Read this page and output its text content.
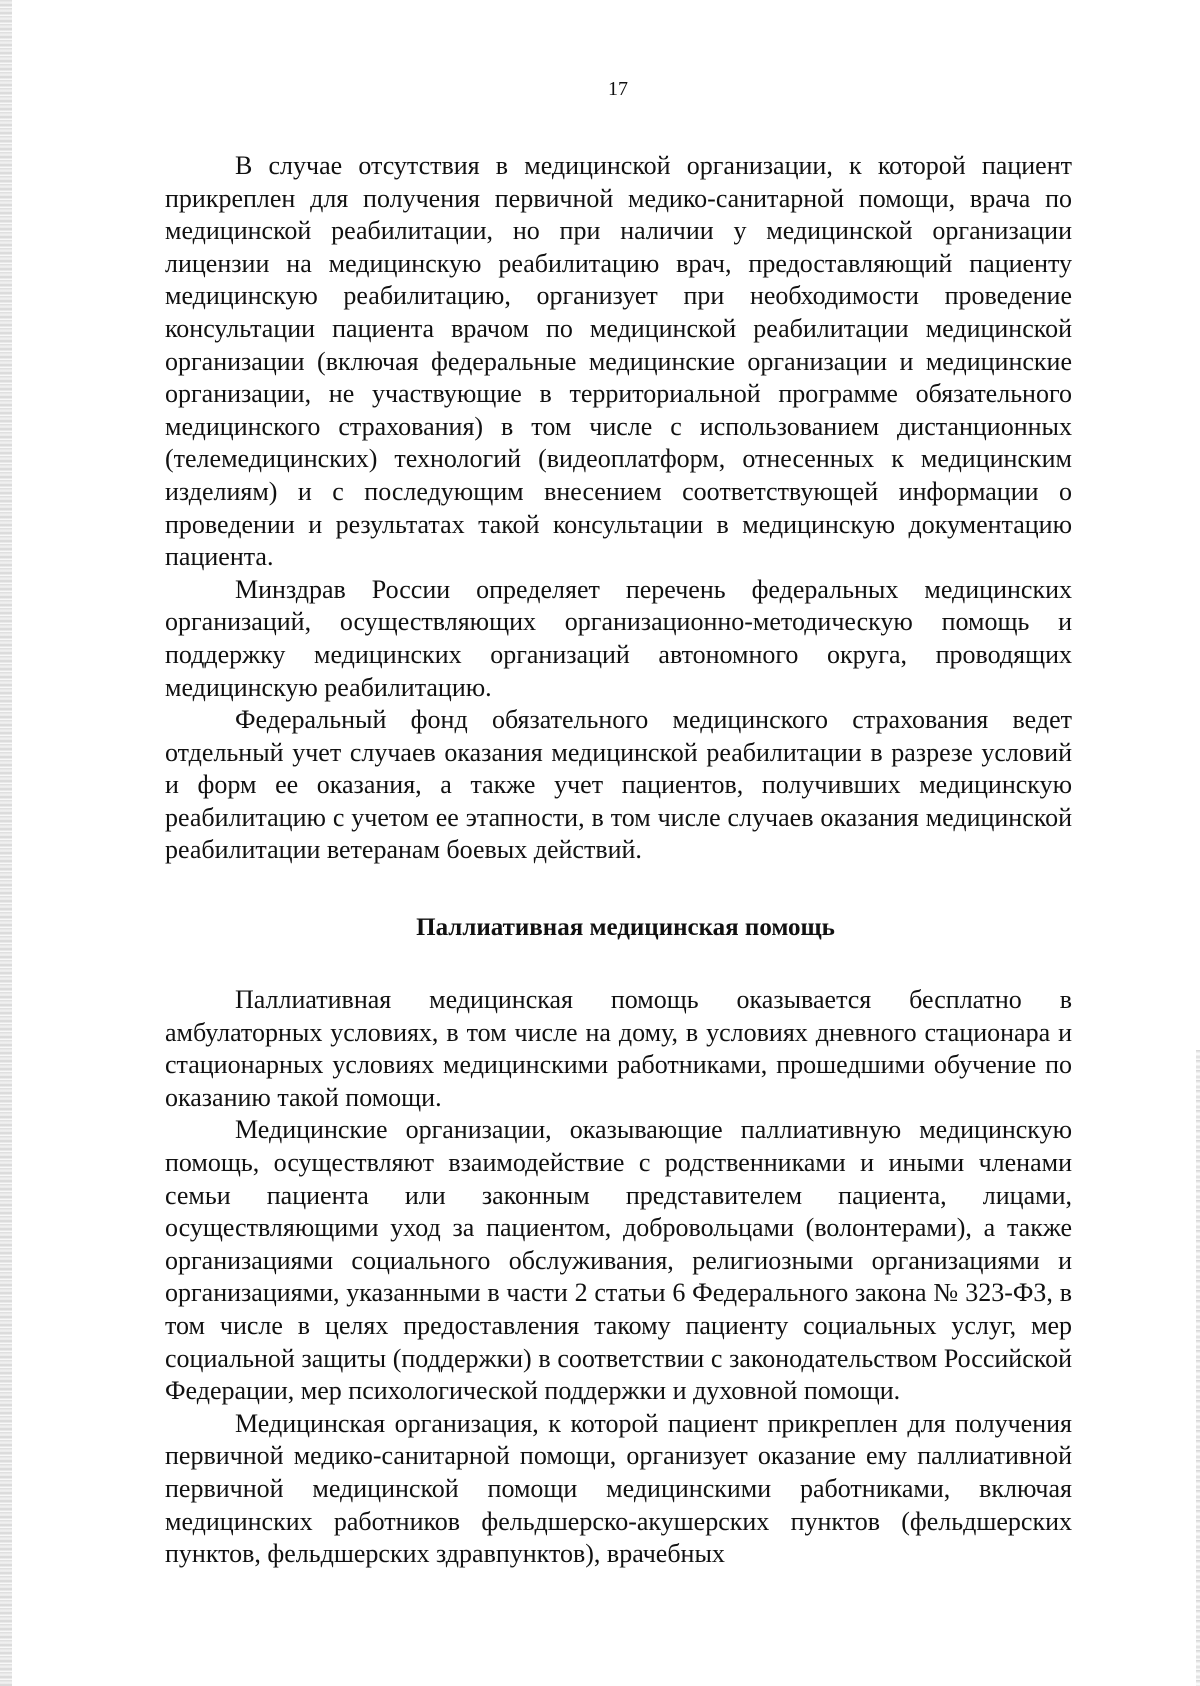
17

В случае отсутствия в медицинской организации, к которой пациент прикреплен для получения первичной медико-санитарной помощи, врача по медицинской реабилитации, но при наличии у медицинской организации лицензии на медицинскую реабилитацию врач, предоставляющий пациенту медицинскую реабилитацию, организует при необходимости проведение консультации пациента врачом по медицинской реабилитации медицинской организации (включая федеральные медицинские организации и медицинские организации, не участвующие в территориальной программе обязательного медицинского страхования) в том числе с использованием дистанционных (телемедицинских) технологий (видеоплатформ, отнесенных к медицинским изделиям) и с последующим внесением соответствующей информации о проведении и результатах такой консультации в медицинскую документацию пациента.

Минздрав России определяет перечень федеральных медицинских организаций, осуществляющих организационно-методическую помощь и поддержку медицинских организаций автономного округа, проводящих медицинскую реабилитацию.

Федеральный фонд обязательного медицинского страхования ведет отдельный учет случаев оказания медицинской реабилитации в разрезе условий и форм ее оказания, а также учет пациентов, получивших медицинскую реабилитацию с учетом ее этапности, в том числе случаев оказания медицинской реабилитации ветеранам боевых действий.

Паллиативная медицинская помощь

Паллиативная медицинская помощь оказывается бесплатно в амбулаторных условиях, в том числе на дому, в условиях дневного стационара и стационарных условиях медицинскими работниками, прошедшими обучение по оказанию такой помощи.

Медицинские организации, оказывающие паллиативную медицинскую помощь, осуществляют взаимодействие с родственниками и иными членами семьи пациента или законным представителем пациента, лицами, осуществляющими уход за пациентом, добровольцами (волонтерами), а также организациями социального обслуживания, религиозными организациями и организациями, указанными в части 2 статьи 6 Федерального закона № 323-ФЗ, в том числе в целях предоставления такому пациенту социальных услуг, мер социальной защиты (поддержки) в соответствии с законодательством Российской Федерации, мер психологической поддержки и духовной помощи.

Медицинская организация, к которой пациент прикреплен для получения первичной медико-санитарной помощи, организует оказание ему паллиативной первичной медицинской помощи медицинскими работниками, включая медицинских работников фельдшерско-акушерских пунктов (фельдшерских пунктов, фельдшерских здравпунктов), врачебных
